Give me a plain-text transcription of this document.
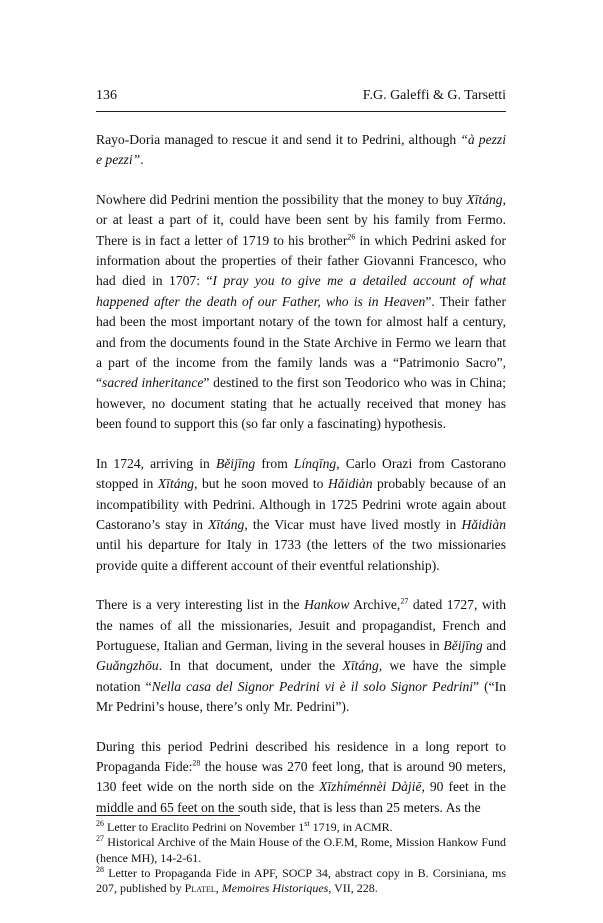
136	F.G. Galeffi & G. Tarsetti

Rayo-Doria managed to rescue it and send it to Pedrini, although “à pezzi e pezzi”.

Nowhere did Pedrini mention the possibility that the money to buy Xītáng, or at least a part of it, could have been sent by his family from Fermo. There is in fact a letter of 1719 to his brother$^{26}$ in which Pedrini asked for information about the properties of their father Giovanni Francesco, who had died in 1707: “I pray you to give me a detailed account of what happened after the death of our Father, who is in Heaven”. Their father had been the most important notary of the town for almost half a century, and from the documents found in the State Archive in Fermo we learn that a part of the income from the family lands was a “Patrimonio Sacro”, “sacred inheritance” destined to the first son Teodorico who was in China; however, no document stating that he actually received that money has been found to support this (so far only a fascinating) hypothesis.

In 1724, arriving in Běijīng from Línqīng, Carlo Orazi from Castorano stopped in Xītáng, but he soon moved to Hǎidiàn probably because of an incompatibility with Pedrini. Although in 1725 Pedrini wrote again about Castorano’s stay in Xītáng, the Vicar must have lived mostly in Hǎidiàn until his departure for Italy in 1733 (the letters of the two missionaries provide quite a different account of their eventful relationship).

There is a very interesting list in the Hankow Archive,$^{27}$ dated 1727, with the names of all the missionaries, Jesuit and propagandist, French and Portuguese, Italian and German, living in the several houses in Běijīng and Guǎngzhōu. In that document, under the Xītáng, we have the simple notation “Nella casa del Signor Pedrini vi è il solo Signor Pedrini” (“In Mr Pedrini’s house, there’s only Mr. Pedrini”).

During this period Pedrini described his residence in a long report to Propaganda Fide:$^{28}$ the house was 270 feet long, that is around 90 meters, 130 feet wide on the north side on the Xīzhíménnèi Dàjiē, 90 feet in the middle and 65 feet on the south side, that is less than 25 meters. As the

$^{26}$ Letter to Eraclito Pedrini on November 1st 1719, in ACMR.

$^{27}$ Historical Archive of the Main House of the O.F.M, Rome, Mission Hankow Fund (hence MH), 14-2-61.

$^{28}$ Letter to Propaganda Fide in APF, SOCP 34, abstract copy in B. Corsiniana, ms 207, published by Platel, Memoires Historiques, VII, 228.
